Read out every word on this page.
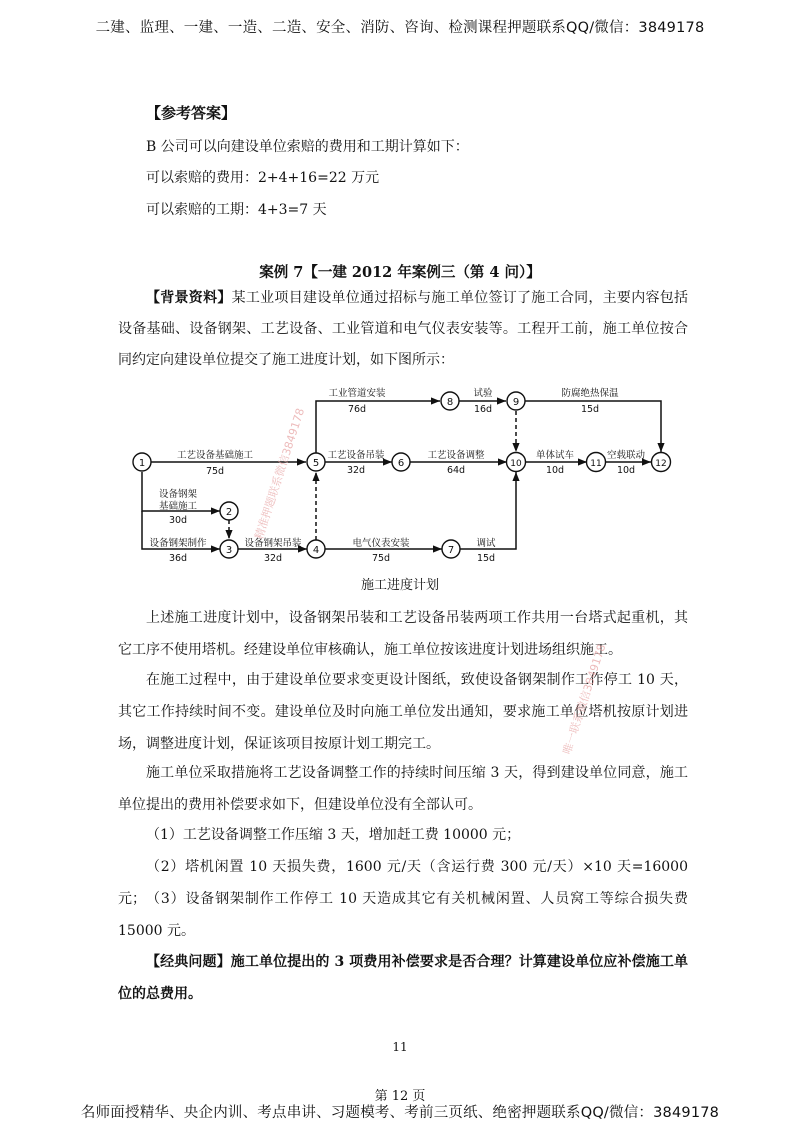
二建、监理、一建、一造、二造、安全、消防、咨询、检测课程押题联系QQ/微信：3849178
【参考答案】
B 公司可以向建设单位索赔的费用和工期计算如下：
可以索赔的费用：2+4+16=22 万元
可以索赔的工期：4+3=7 天
案例 7【一建 2012 年案例三（第 4 问）】
【背景资料】某工业项目建设单位通过招标与施工单位签订了施工合同，主要内容包括设备基础、设备钢架、工艺设备、工业管道和电气仪表安装等。工程开工前，施工单位按合同约定向建设单位提交了施工进度计划，如下图所示：
1
2
3	4
5	6
7
8	9
10	11	12
工艺设备基础施工
75d
设备钢架
基础施工
30d
设备钢架制作
36d
设备钢架吊装
32d
工业管道安装
76d
工艺设备吊装
32d
工艺设备调整
64d
电气仪表安装
75d
试验
16d
调试
15d
防腐绝热保温
15d
单体试车
10d
空载联动
10d
精准押题联系微信3849178
施工进度计划
上述施工进度计划中，设备钢架吊装和工艺设备吊装两项工作共用一台塔式起重机，其它工序不使用塔机。经建设单位审核确认，施工单位按该进度计划进场组织施工。
在施工过程中，由于建设单位要求变更设计图纸，致使设备钢架制作工作停工 10 天，其它工作持续时间不变。建设单位及时向施工单位发出通知，要求施工单位塔机按原计划进场，调整进度计划，保证该项目按原计划工期完工。
施工单位采取措施将工艺设备调整工作的持续时间压缩 3 天，得到建设单位同意，施工单位提出的费用补偿要求如下，但建设单位没有全部认可。
（1）工艺设备调整工作压缩 3 天，增加赶工费 10000 元；
（2）塔机闲置 10 天损失费，1600 元/天（含运行费 300 元/天）×10 天=16000 元； （3）设备钢架制作工作停工 10 天造成其它有关机械闲置、人员窝工等综合损失费 15000 元。
【经典问题】施工单位提出的 3 项费用补偿要求是否合理？计算建设单位应补偿施工单位的总费用。
唯一联系微信3849178
11
第 12 页
名师面授精华、央企内训、考点串讲、习题模考、考前三页纸、绝密押题联系QQ/微信：3849178
